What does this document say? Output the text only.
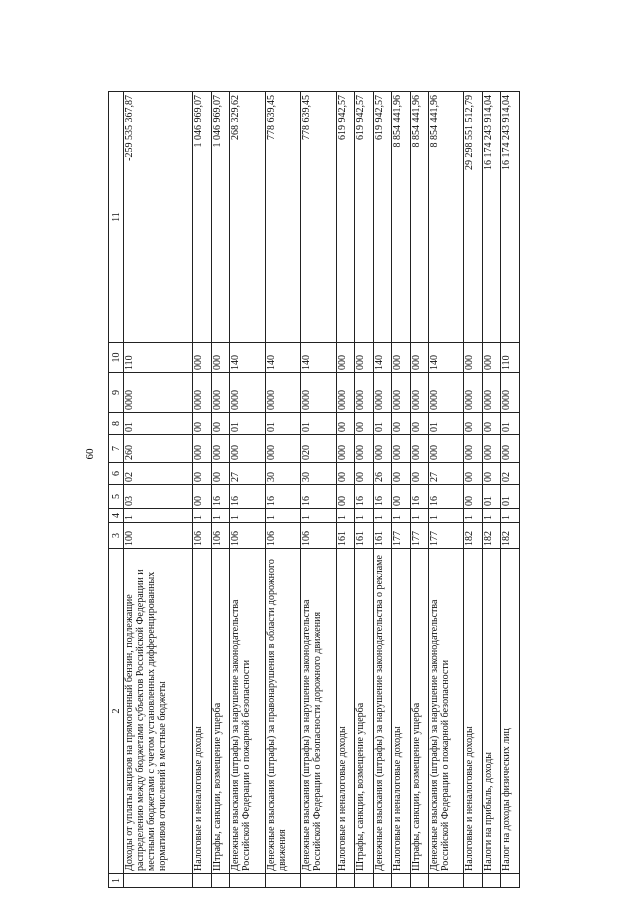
60
1	2	3	4	5	6	7	8	9	10	11
	Доходы от уплаты акцизов на прямогонный бензин, подлежащие распределению между бюджетами субъектов Российской Федерации и местными бюджетами с учетом установленных дифференцированных нормативов отчислений в местные бюджеты	100	1	03	02	260	01	0000	110	-259 535 367,87
	Налоговые и неналоговые доходы	106	1	00	00	000	00	0000	000	1 046 969,07
	Штрафы, санкции, возмещение ущерба	106	1	16	00	000	00	0000	000	1 046 969,07
	Денежные взыскания (штрафы) за нарушение законодательства Российской Федерации о пожарной безопасности	106	1	16	27	000	01	0000	140	268 329,62
	Денежные взыскания (штрафы) за правонарушения в области дорожного движения	106	1	16	30	000	01	0000	140	778 639,45
	Денежные взыскания (штрафы) за нарушение законодательства Российской Федерации о безопасности дорожного движения	106	1	16	30	020	01	0000	140	778 639,45
	Налоговые и неналоговые доходы	161	1	00	00	000	00	0000	000	619 942,57
	Штрафы, санкции, возмещение ущерба	161	1	16	00	000	00	0000	000	619 942,57
	Денежные взыскания (штрафы) за нарушение законодательства о рекламе	161	1	16	26	000	01	0000	140	619 942,57
	Налоговые и неналоговые доходы	177	1	00	00	000	00	0000	000	8 854 441,96
	Штрафы, санкции, возмещение ущерба	177	1	16	00	000	00	0000	000	8 854 441,96
	Денежные взыскания (штрафы) за нарушение законодательства Российской Федерации о пожарной безопасности	177	1	16	27	000	01	0000	140	8 854 441,96
	Налоговые и неналоговые доходы	182	1	00	00	000	00	0000	000	29 298 551 512,79
	Налоги на прибыль, доходы	182	1	01	00	000	00	0000	000	16 174 243 914,04
	Налог на доходы физических лиц	182	1	01	02	000	01	0000	110	16 174 243 914,04
